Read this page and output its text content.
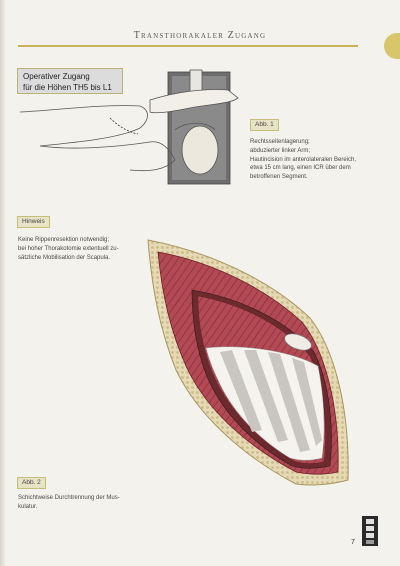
Transthorakaler Zugang
Operativer Zugang
für die Höhen TH5 bis L1
Abb. 1
Rechtsseitenlagerung;
abduzierter linker Arm;
Hautincision im anterolateralen Bereich,
etwa 15 cm lang, einen ICR über dem
betroffenen Segment.
Hinweis
Keine Rippenresektion notwendig;
bei hoher Thorakotomie extentuell zu-
sätzliche Mobilisation der Scapula.
Abb. 2
Schichtweise Durchtrennung der Mus-
kulatur.
7
